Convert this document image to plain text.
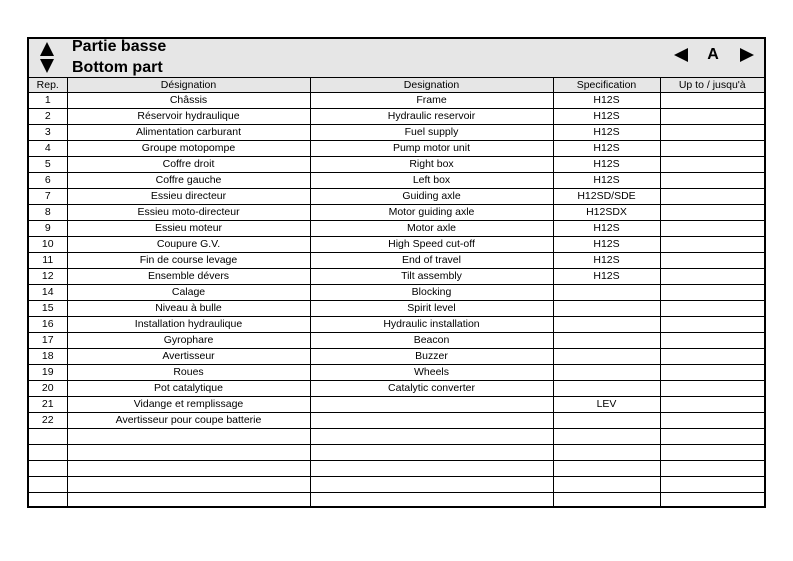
Partie basse
Bottom part
A
Rep.	Désignation	Designation	Specification	Up to / jusqu'à
1	Châssis	Frame	H12S	
2	Réservoir hydraulique	Hydraulic reservoir	H12S	
3	Alimentation carburant	Fuel supply	H12S	
4	Groupe motopompe	Pump motor unit	H12S	
5	Coffre droit	Right box	H12S	
6	Coffre gauche	Left box	H12S	
7	Essieu directeur	Guiding axle	H12SD/SDE	
8	Essieu moto-directeur	Motor guiding axle	H12SDX	
9	Essieu moteur	Motor axle	H12S	
10	Coupure G.V.	High Speed cut-off	H12S	
11	Fin de course levage	End of travel	H12S	
12	Ensemble dévers	Tilt assembly	H12S	
14	Calage	Blocking		
15	Niveau à bulle	Spirit level		
16	Installation hydraulique	Hydraulic installation		
17	Gyrophare	Beacon		
18	Avertisseur	Buzzer		
19	Roues	Wheels		
20	Pot catalytique	Catalytic converter		
21	Vidange et remplissage		LEV	
22	Avertisseur pour coupe batterie			
